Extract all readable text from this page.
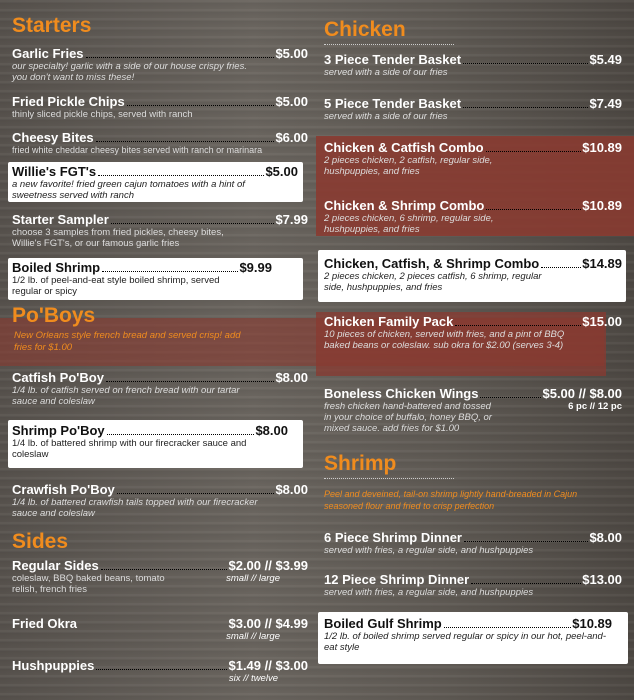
Starters
Garlic Fries	$5.00
our specialty! garlic with a side of our house crispy fries. you don't want to miss these!
Fried Pickle Chips	$5.00
thinly sliced pickle chips, served with ranch
Cheesy Bites	$6.00
fried white cheddar cheesy bites served with ranch or marinara
Willie's FGT's	$5.00
a new favorite! fried green cajun tomatoes with a hint of sweetness served with ranch
Starter Sampler	$7.99
choose 3 samples from fried pickles, cheesy bites, Willie's FGT's, or our famous garlic fries
Boiled Shrimp	$9.99
1/2 lb. of peel-and-eat style boiled shrimp, served regular or spicy
Po'Boys
New Orleans style french bread and served crisp! add fries for $1.00
Catfish Po'Boy	$8.00
1/4 lb. of catfish served on french bread with our tartar sauce and coleslaw
Shrimp Po'Boy	$8.00
1/4 lb. of battered shrimp with our firecracker sauce and coleslaw
Crawfish Po'Boy	$8.00
1/4 lb. of battered crawfish tails topped with our firecracker sauce and coleslaw
Sides
Regular Sides	$2.00 // $3.99
coleslaw, BBQ baked beans, tomato relish, french fries
small // large
Fried Okra	$3.00 // $4.99
small // large
Hushpuppies	$1.49 // $3.00
six // twelve
Chicken
3 Piece Tender Basket	$5.49
served with a side of our fries
5 Piece Tender Basket	$7.49
served with a side of our fries
Chicken & Catfish Combo	$10.89
2 pieces chicken, 2 catfish, regular side, hushpuppies, and fries
Chicken & Shrimp Combo	$10.89
2 pieces chicken, 6 shrimp, regular side, hushpuppies, and fries
Chicken, Catfish, & Shrimp Combo	$14.89
2 pieces chicken, 2 pieces catfish, 6 shrimp, regular side, hushpuppies, and fries
Chicken Family Pack	$15.00
10 pieces of chicken, served with fries, and a pint of BBQ baked beans or coleslaw. sub okra for $2.00 (serves 3-4)
Boneless Chicken Wings	$5.00 // $8.00
fresh chicken hand-battered and tossed in your choice of buffalo, honey BBQ, or mixed sauce. add fries for $1.00
6 pc // 12 pc
Shrimp
Peel and deveined, tail-on shrimp lightly hand-breaded in Cajun seasoned flour and fried to crisp perfection
6 Piece Shrimp Dinner	$8.00
served with fries, a regular side, and hushpuppies
12 Piece Shrimp Dinner	$13.00
served with fries, a regular side, and hushpuppies
Boiled Gulf Shrimp	$10.89
1/2 lb. of boiled shrimp served regular or spicy in our hot, peel-and-eat style
